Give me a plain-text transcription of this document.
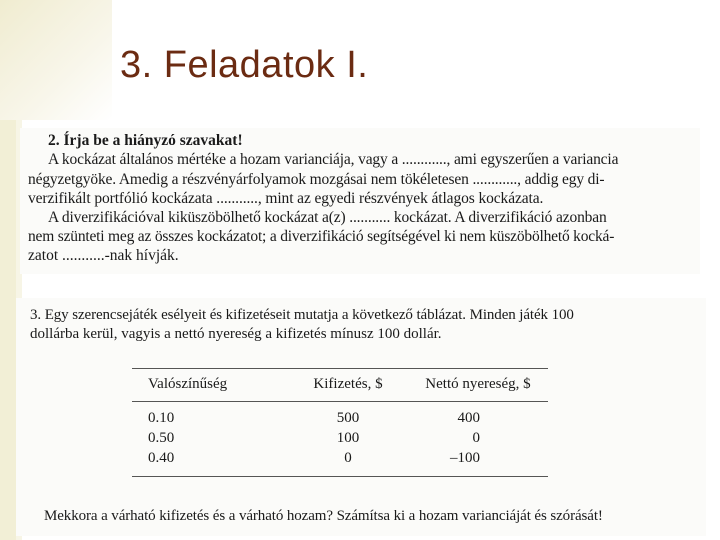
3. Feladatok I.
2. Írja be a hiányzó szavakat!
A kockázat általános mértéke a hozam varianciája, vagy a ............, ami egyszerűen a variancia
négyzetgyöke. Amedig a részvényárfolyamok mozgásai nem tökéletesen ............, addig egy di-
verzifikált portfólió kockázata ..........., mint az egyedi részvények átlagos kockázata.
A diverzifikációval kiküszöbölhető kockázat a(z) ........... kockázat. A diverzifikáció azonban
nem szünteti meg az összes kockázatot; a diverzifikáció segítségével ki nem küszöbölhető kocká-
zatot ...........-nak hívják.
3. Egy szerencsejáték esélyeit és kifizetéseit mutatja a következő táblázat. Minden játék 100
dollárba kerül, vagyis a nettó nyereség a kifizetés mínusz 100 dollár.
Valószínűség	Kifizetés, $	Nettó nyereség, $
0.10	500	400
0.50	100	0
0.40	0	–100
Mekkora a várható kifizetés és a várható hozam? Számítsa ki a hozam varianciáját és szórását!
